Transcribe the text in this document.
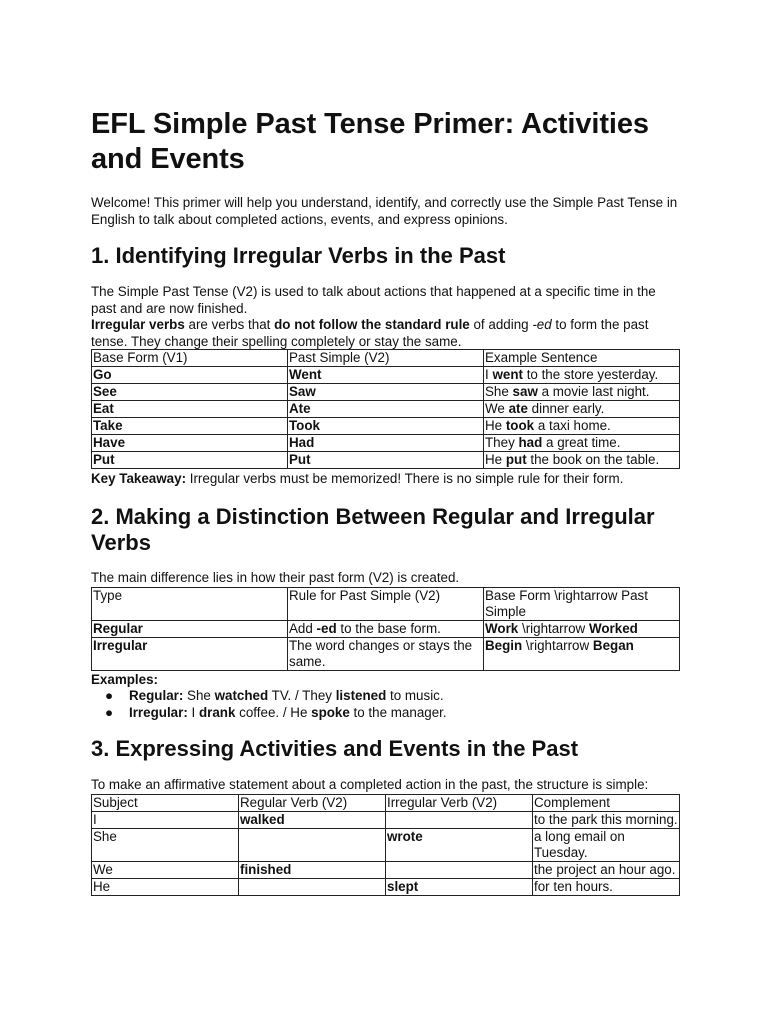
EFL Simple Past Tense Primer: Activities and Events

Welcome! This primer will help you understand, identify, and correctly use the Simple Past Tense in English to talk about completed actions, events, and express opinions.

1. Identifying Irregular Verbs in the Past

The Simple Past Tense (V2) is used to talk about actions that happened at a specific time in the past and are now finished.

Irregular verbs are verbs that do not follow the standard rule of adding -ed to form the past tense. They change their spelling completely or stay the same.

Base Form (V1)	Past Simple (V2)	Example Sentence
Go	Went	I went to the store yesterday.
See	Saw	She saw a movie last night.
Eat	Ate	We ate dinner early.
Take	Took	He took a taxi home.
Have	Had	They had a great time.
Put	Put	He put the book on the table.

Key Takeaway: Irregular verbs must be memorized! There is no simple rule for their form.

2. Making a Distinction Between Regular and Irregular Verbs

The main difference lies in how their past form (V2) is created.

Type	Rule for Past Simple (V2)	Base Form \rightarrow Past Simple
Regular	Add -ed to the base form.	Work \rightarrow Worked
Irregular	The word changes or stays the same.	Begin \rightarrow Began

Examples:

● Regular: She watched TV. / They listened to music.
● Irregular: I drank coffee. / He spoke to the manager.
3. Expressing Activities and Events in the Past

To make an affirmative statement about a completed action in the past, the structure is simple:

Subject	Regular Verb (V2)	Irregular Verb (V2)	Complement
I	walked		to the park this morning.
She		wrote	a long email on Tuesday.
We	finished		the project an hour ago.
He		slept	for ten hours.
